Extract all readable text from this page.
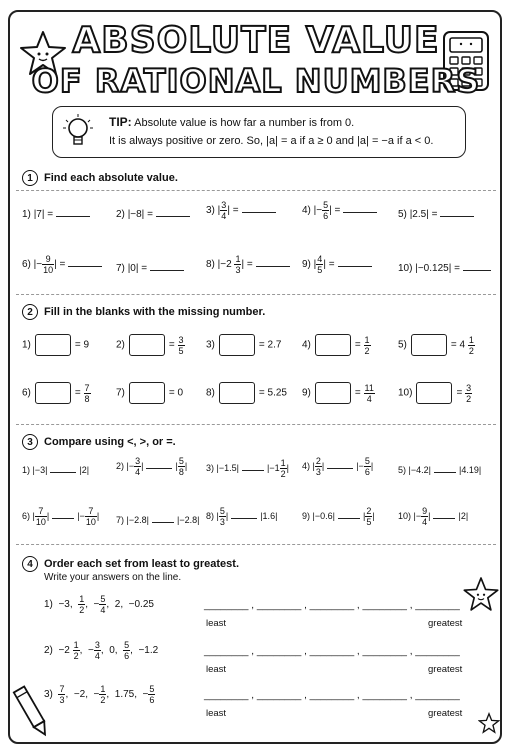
ABSOLUTE VALUE
OF RATIONAL NUMBERS
TIP: Absolute value is how far a number is from 0.
It is always positive or zero. So, |a| = a if a ≥ 0 and |a| = −a if a < 0.
1 Find each absolute value.
1) |7| =	2) |−8| =	3) | $\frac{3}{4}$ | =	4) |− $\frac{5}{6}$ | =	5) |2.5| =
6) |− $\frac{9}{10}$ | =	7) |0| =	8) $|-2 \frac{1}{3}$ | =	9) | $\frac{4}{5}$ | =	10) |−0.125| =
2 Fill in the blanks with the missing number.
1)	= 9	2)	= $\frac{3}{5} 3$)	= 2.7 4)	= $\frac{1}{2}$	5)	= $4 \frac{1}{2}$
6)	= $\frac{7}{8}$	7)	= 0 8)	= 5.25 9)	= $\frac{11}{4} 10$)	= $\frac{3}{2}$
3 Compare using <, >, or =.
1) |−3|	|2|	2) |− $\frac{3}{4}$ |	| $\frac{5}{8}$ | 3) |−1.5|	$|-1 \frac{1}{2}$ | 4) | $\frac{2}{3}$ |	|− $\frac{5}{6}$ |	5) |−4.2|	|4.19|
6) | $\frac{7}{10}$ |	|− $\frac{7}{10}$ | 7) |−2.8|	|−2.8| 8) | $\frac{5}{3}$ |	|1.6|	9) |−0.6|	| $\frac{2}{5}$ |	10) |− $\frac{9}{4}$ |	|2|
4 Order each set from least to greatest.
Write your answers on the line.
1)  −3, $\frac{1}{2}$ ,  − $\frac{5}{4}$ ,  2,  −0.25
$2) -2 \frac{1}{2}$ ,  − $\frac{3}{4}$ ,  0, $\frac{5}{6}$ ,  −1.2
$3) \frac{7}{3}$ ,  −2,  − $\frac{1}{2}$ ,  1.75,  − $\frac{5}{6}$
________ , ________ , ________ , ________ , ________
least	greatest
________ , ________ , ________ , ________ , ________
least	greatest
________ , ________ , ________ , ________ , ________
least	greatest
